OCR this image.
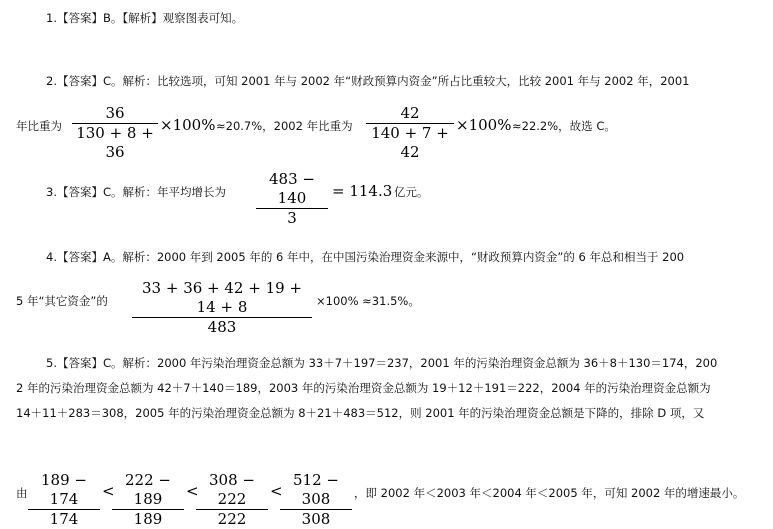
1.【答案】B。【解析】观察图表可知。
2.【答案】C。解析：比较选项，可知 2001 年与 2002 年“财政预算内资金”所占比重较大，比较 2001 年与 2002 年，2001
年比重为
36
130 + 8 + 36
×100% ≈20.7%，2002 年比重为
42
140 + 7 + 42
×100% ≈22.2%，故选 C。
3.【答案】C。解析：年平均增长为
483 − 140
3
= 114.3 亿元。
4.【答案】A。解析：2000 年到 2005 年的 6 年中，在中国污染治理资金来源中，“财政预算内资金”的 6 年总和相当于 200
5 年“其它资金”的
33 + 36 + 42 + 19 + 14 + 8
483
×100% ≈31.5%。
5.【答案】C。解析：2000 年污染治理资金总额为 33＋7＋197＝237，2001 年的污染治理资金总额为 36＋8＋130＝174，200
2 年的污染治理资金总额为 42＋7＋140＝189，2003 年的污染治理资金总额为 19＋12＋191＝222，2004 年的污染治理资金总额为
14＋11＋283＝308，2005 年的污染治理资金总额为 8＋21＋483＝512，则 2001 年的污染治理资金总额是下降的，排除 D 项，又
由
189 − 174
174
<
222 − 189
189
<
308 − 222
222
<
512 − 308
308
，即 2002 年＜2003 年＜2004 年＜2005 年，可知 2002 年的增速最小。
